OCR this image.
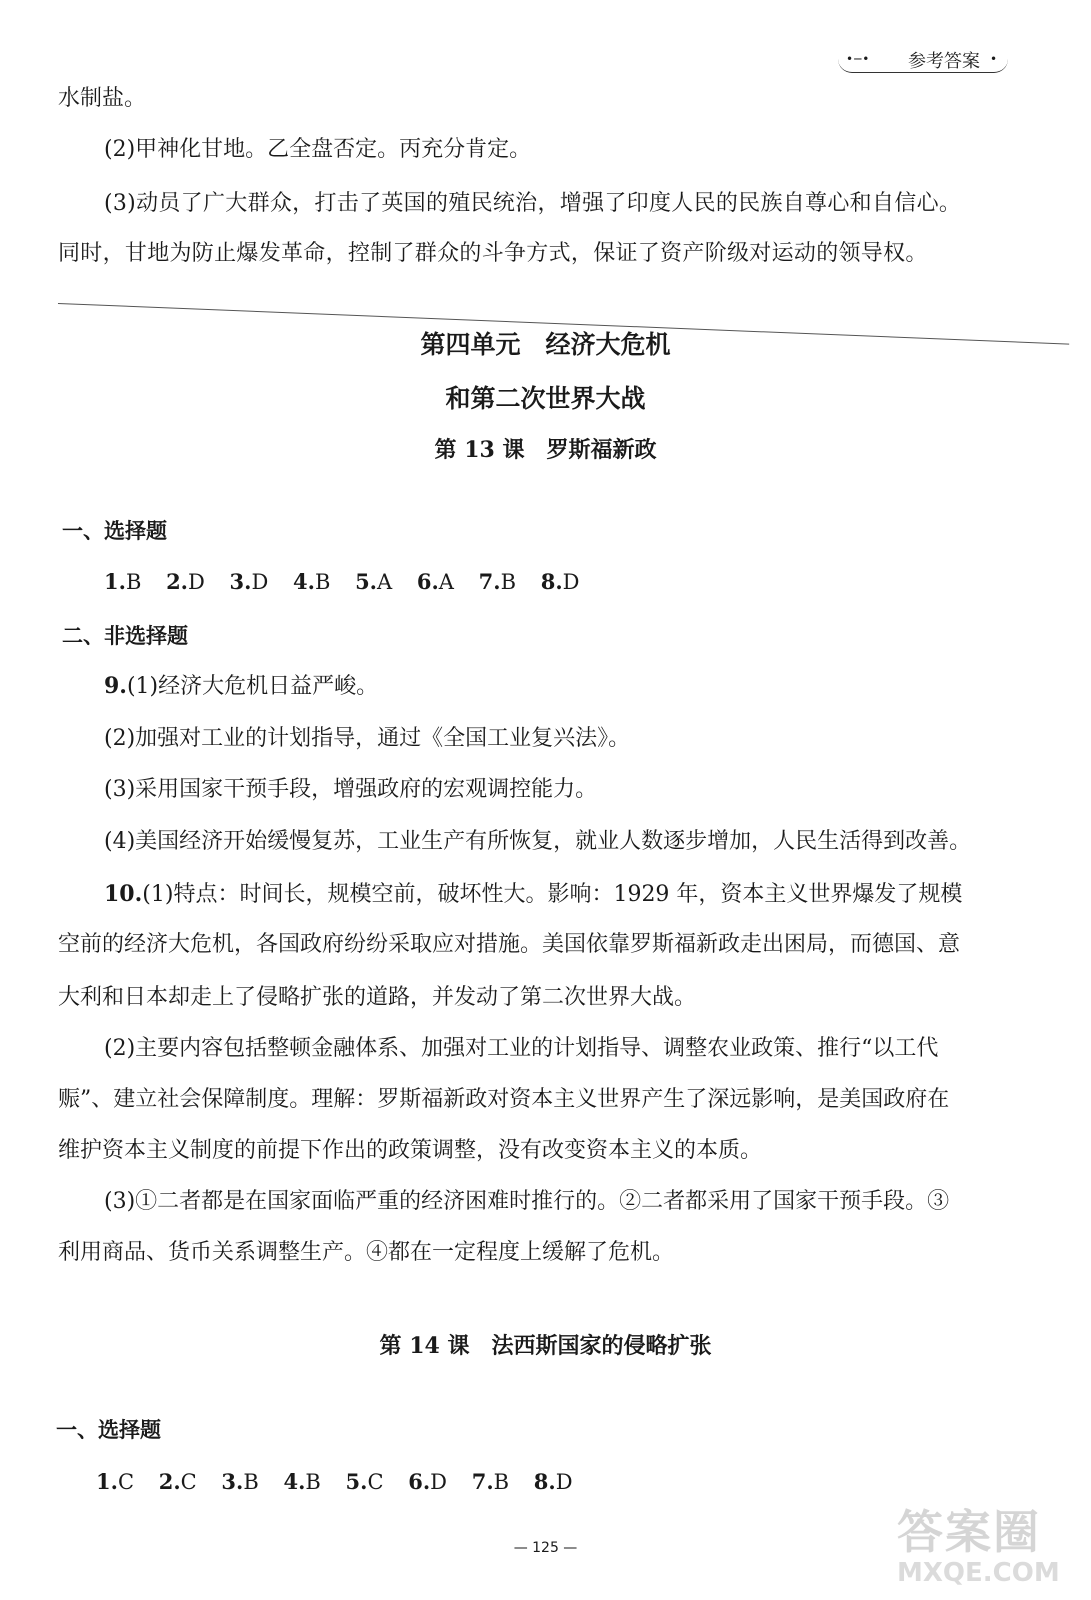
•─• 参考答案 •
水制盐。
(2)甲神化甘地。乙全盘否定。丙充分肯定。
(3)动员了广大群众，打击了英国的殖民统治，增强了印度人民的民族自尊心和自信心。
同时，甘地为防止爆发革命，控制了群众的斗争方式，保证了资产阶级对运动的领导权。
第四单元　经济大危机
和第二次世界大战
第 13 课　罗斯福新政
一、选择题
1.B 2.D 3.D 4.B 5.A 6.A 7.B 8.D
二、非选择题
9.(1)经济大危机日益严峻。
(2)加强对工业的计划指导，通过《全国工业复兴法》。
(3)采用国家干预手段，增强政府的宏观调控能力。
(4)美国经济开始缓慢复苏，工业生产有所恢复，就业人数逐步增加，人民生活得到改善。
10.(1)特点：时间长，规模空前，破坏性大。影响：1929 年，资本主义世界爆发了规模
空前的经济大危机，各国政府纷纷采取应对措施。美国依靠罗斯福新政走出困局，而德国、意
大利和日本却走上了侵略扩张的道路，并发动了第二次世界大战。
(2)主要内容包括整顿金融体系、加强对工业的计划指导、调整农业政策、推行“以工代
赈”、建立社会保障制度。理解：罗斯福新政对资本主义世界产生了深远影响，是美国政府在
维护资本主义制度的前提下作出的政策调整，没有改变资本主义的本质。
(3)①二者都是在国家面临严重的经济困难时推行的。②二者都采用了国家干预手段。③
利用商品、货币关系调整生产。④都在一定程度上缓解了危机。
第 14 课　法西斯国家的侵略扩张
一、选择题
1.C 2.C 3.B 4.B 5.C 6.D 7.B 8.D
— 125 —	答案圈
MXQE.COM
